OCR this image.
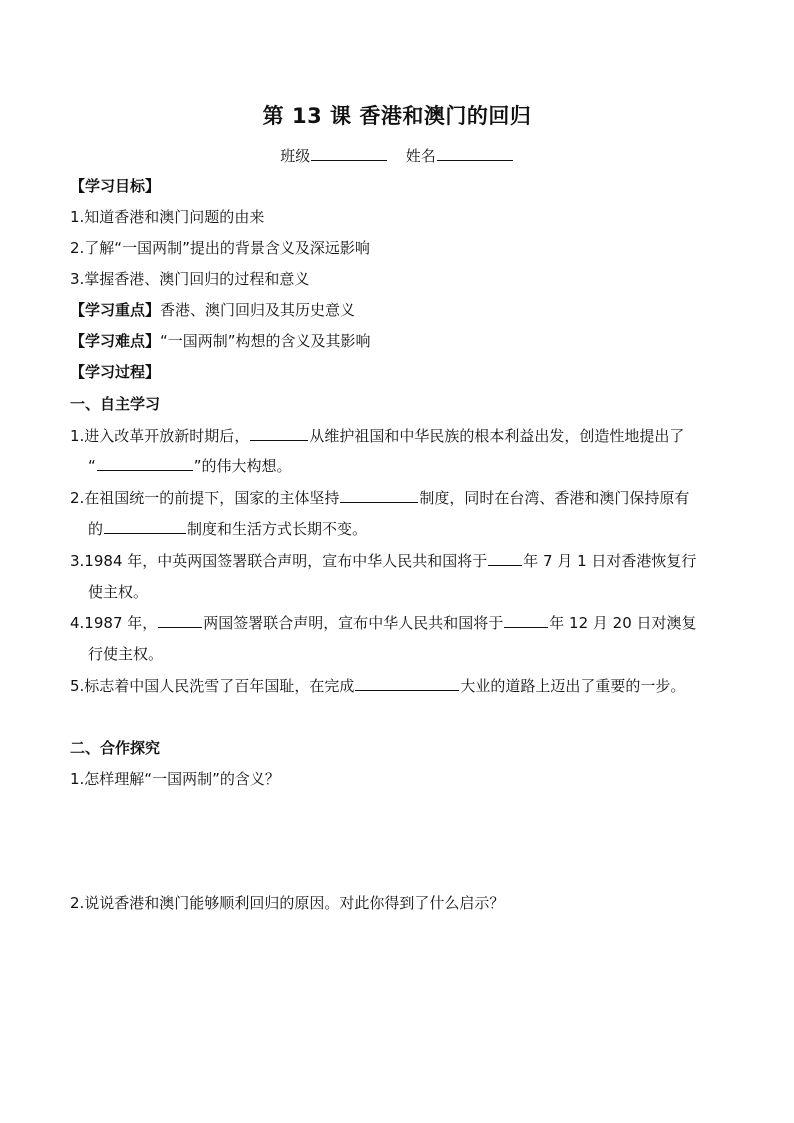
第 13 课 香港和澳门的回归
班级	姓名
【学习目标】
1.知道香港和澳门问题的由来
2.了解“一国两制”提出的背景含义及深远影响
3.掌握香港、澳门回归的过程和意义
【学习重点】香港、澳门回归及其历史意义
【学习难点】“一国两制”构想的含义及其影响
【学习过程】
一、自主学习
1.进入改革开放新时期后，	从维护祖国和中华民族的根本利益出发，创造性地提出了
“	”的伟大构想。
2.在祖国统一的前提下，国家的主体坚持	制度，同时在台湾、香港和澳门保持原有
的	制度和生活方式长期不变。
3.1984 年，中英两国签署联合声明，宣布中华人民共和国将于 年 7 月 1 日对香港恢复行
使主权。
4.1987 年，	两国签署联合声明，宣布中华人民共和国将于	年 12 月 20 日对澳复
行使主权。
5.标志着中国人民洗雪了百年国耻，在完成	大业的道路上迈出了重要的一步。
二、合作探究
1.怎样理解“一国两制”的含义？
2.说说香港和澳门能够顺利回归的原因。对此你得到了什么启示？
